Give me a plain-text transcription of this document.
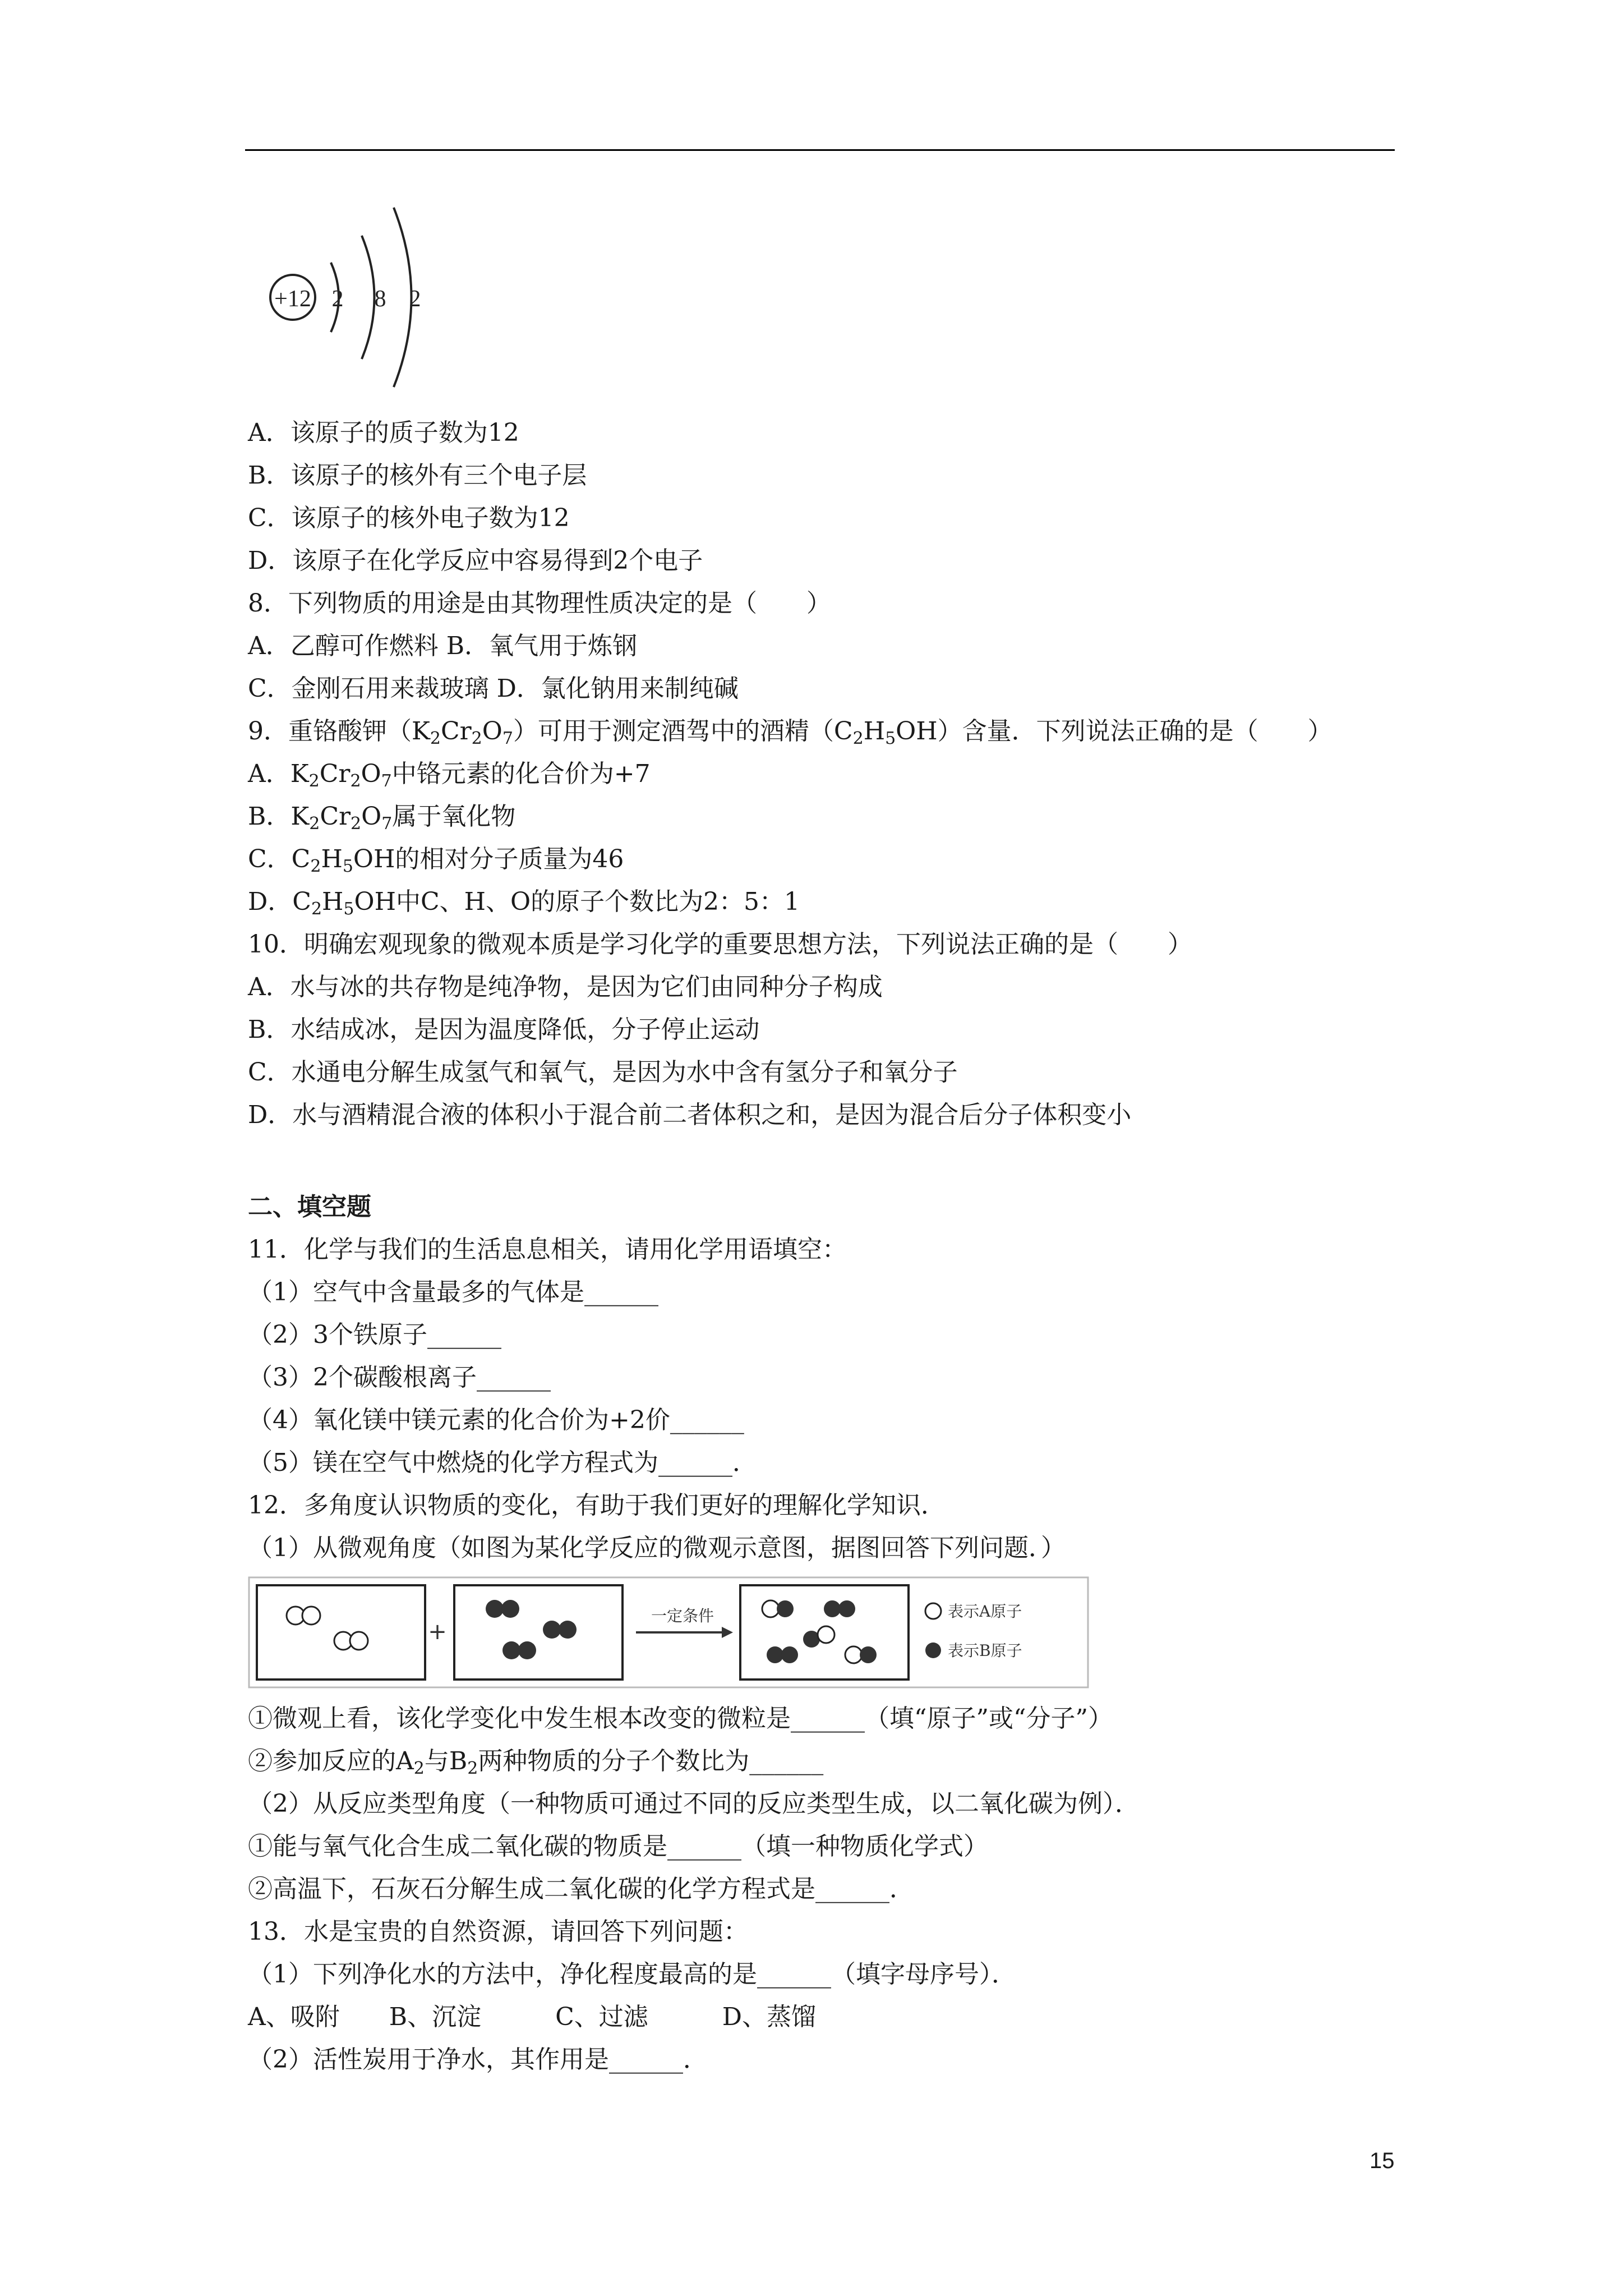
+12 2 8 2
A．该原子的质子数为12
B．该原子的核外有三个电子层
C．该原子的核外电子数为12
D．该原子在化学反应中容易得到2个电子
8．下列物质的用途是由其物理性质决定的是（　　）
A．乙醇可作燃料 B．氧气用于炼钢
C．金刚石用来裁玻璃 D．氯化钠用来制纯碱
9．重铬酸钾$(K_2Cr_2O_7)$可用于测定酒驾中的酒精$(C_2H_5OH)$含量．下列说法正确的是（　　）
A．$K_2Cr_2O_7$中铬元素的化合价为+7
B．$K_2Cr_2O_7$属于氧化物
C．$C_2H_5OH$的相对分子质量为46
D．$C_2H_5OH$中C、H、O的原子个数比为2：5：1
10．明确宏观现象的微观本质是学习化学的重要思想方法，下列说法正确的是（　　）
A．水与冰的共存物是纯净物，是因为它们由同种分子构成
B．水结成冰，是因为温度降低，分子停止运动
C．水通电分解生成氢气和氧气，是因为水中含有氢分子和氧分子
D．水与酒精混合液的体积小于混合前二者体积之和，是因为混合后分子体积变小
二、填空题
11．化学与我们的生活息息相关，请用化学用语填空：
（1）空气中含量最多的气体是______
（2）3个铁原子______
（3）2个碳酸根离子______
（4）氧化镁中镁元素的化合价为+2价______
（5）镁在空气中燃烧的化学方程式为______．
12．多角度认识物质的变化，有助于我们更好的理解化学知识．
（1）从微观角度（如图为某化学反应的微观示意图，据图回答下列问题．）
+
一定条件	表示A原子
表示B原子
①微观上看，该化学变化中发生根本改变的微粒是______（填“原子”或“分子”）
②参加反应的$A_2$与$B_2$两种物质的分子个数比为______
（2）从反应类型角度（一种物质可通过不同的反应类型生成，以二氧化碳为例）．
①能与氧气化合生成二氧化碳的物质是______（填一种物质化学式）
②高温下，石灰石分解生成二氧化碳的化学方程式是______．
13．水是宝贵的自然资源，请回答下列问题：
（1）下列净化水的方法中，净化程度最高的是______（填字母序号）．
A、吸附　　B、沉淀　　　C、过滤　　　D、蒸馏
（2）活性炭用于净水，其作用是______．
15
